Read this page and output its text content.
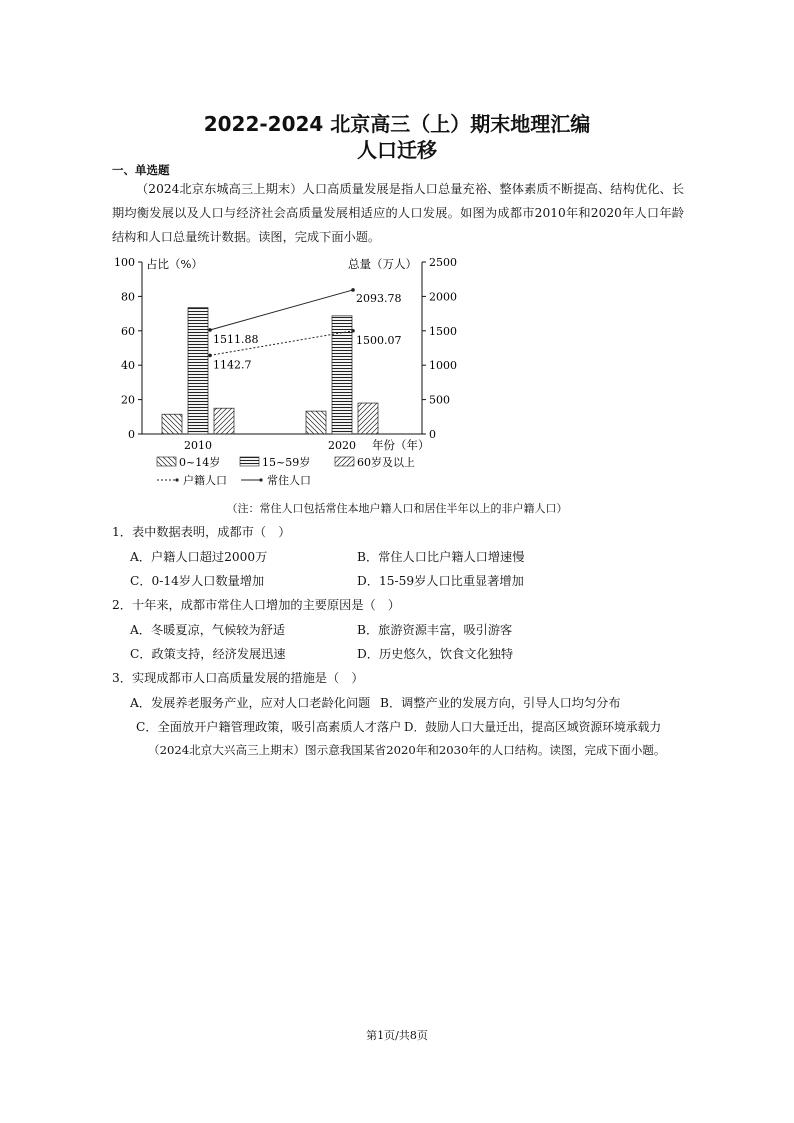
2022-2024 北京高三（上）期末地理汇编
人口迁移
一、单选题
（2024北京东城高三上期末）人口高质量发展是指人口总量充裕、整体素质不断提高、结构优化、长期均衡发展以及人口与经济社会高质量发展相适应的人口发展。如图为成都市2010年和2020年人口年龄结构和人口总量统计数据。读图，完成下面小题。
0
20
40
60
80
100
0
500
1000
1500
2000
2500
占比（%）	总量（万人）
1142.7
1500.07
1511.88
2093.78
2010	2020 年份（年）
0~14岁	15~59岁	60岁及以上
户籍人口	常住人口
（注：常住人口包括常住本地户籍人口和居住半年以上的非户籍人口）
1．表中数据表明，成都市（　）
A．户籍人口超过2000万	B．常住人口比户籍人口增速慢
C．0-14岁人口数量增加	D．15-59岁人口比重显著增加
2．十年来，成都市常住人口增加的主要原因是（　）
A．冬暖夏凉，气候较为舒适	B．旅游资源丰富，吸引游客
C．政策支持，经济发展迅速	D．历史悠久，饮食文化独特
3．实现成都市人口高质量发展的措施是（　）
A．发展养老服务产业，应对人口老龄化问题 B．调整产业的发展方向，引导人口均匀分布
C．全面放开户籍管理政策，吸引高素质人才落户 D．鼓励人口大量迁出，提高区域资源环境承载力
（2024北京大兴高三上期末）图示意我国某省2020年和2030年的人口结构。读图，完成下面小题。
第1页/共8页
